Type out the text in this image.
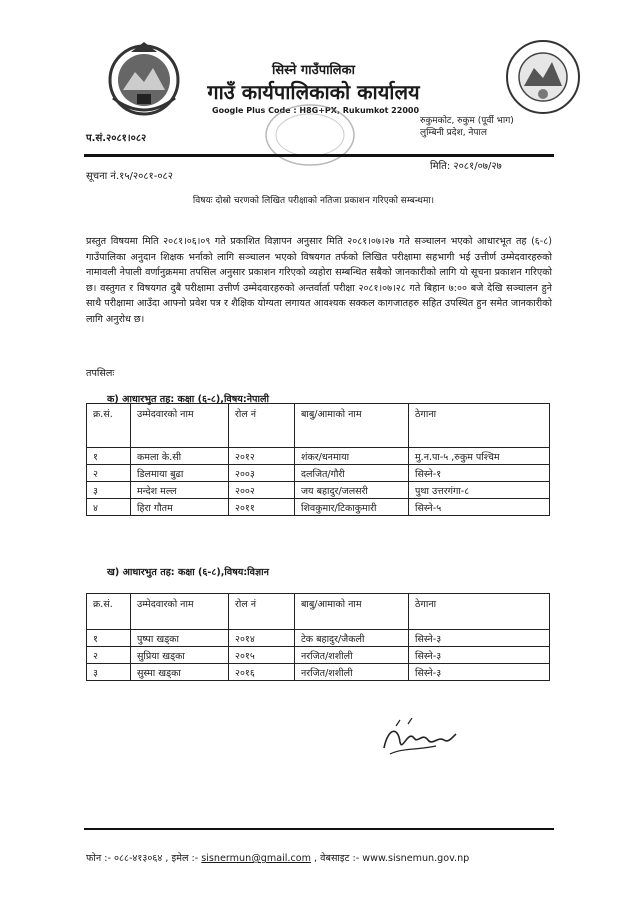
सिस्ने गाउँपालिका
गाउँ कार्यपालिकाको कार्यालय
Google Plus Code : H8G+PX, Rukumkot 22000
रुकुमकोट, रुकुम (पूर्वी भाग)
लुम्बिनी प्रदेश, नेपाल
प.सं.२०८१।०८२
सूचना नं.१५/२०८१-०८२
मिति: २०८१/०७/२७
विषयः दोस्रो चरणको लिखित परीक्षाको नतिजा प्रकाशन गरिएको सम्बन्धमा।
प्रस्तुत विषयमा मिति २०८१।०६।०९ गते प्रकाशित विज्ञापन अनुसार मिति २०८१।०७।२७ गते सञ्चालन भएको आधारभूत तह (६-८) गाउँपालिका अनुदान शिक्षक भर्नाको लागि सञ्चालन भएको विषयगत तर्फको लिखित परीक्षामा सहभागी भई उत्तीर्ण उम्मेदवारहरुको नामावली नेपाली वर्णानुक्रममा तपसिल अनुसार प्रकाशन गरिएको व्यहोरा सम्बन्धित सबैको जानकारीको लागि यो सूचना प्रकाशन गरिएको छ। वस्तुगत र विषयगत दुबै परीक्षामा उत्तीर्ण उम्मेदवारहरुको अन्तर्वार्ता परीक्षा २०८१।०७।२८ गते बिहान ७:०० बजे देखि सञ्चालन हुने साथै परीक्षामा आउँदा आफ्नो प्रवेश पत्र र शैक्षिक योग्यता लगायत आवश्यक सक्कल कागजातहरु सहित उपस्थित हुन समेत जानकारीको लागि अनुरोध छ।
तपसिलः
क) आधारभुत तह: कक्षा (६-८),विषय:नेपाली
क्र.सं.	उम्मेदवारको नाम	रोल नं	बाबु/आमाको नाम	ठेगाना
१	कमला के.सी	२०१२	शंकर/धनमाया	मु.न.पा-५ ,रुकुम पश्चिम
२	डिलमाया बुढा	२००३	दलजित/गौरी	सिस्ने-१
३	मन्देश मल्ल	२००२	जय बहादुर/जलसरी	पुथा उत्तरगंगा-८
४	हिरा गौतम	२०११	शिवकुमार/टिकाकुमारी	सिस्ने-५
ख) आधारभुत तह: कक्षा (६-८),विषय:विज्ञान
क्र.सं.	उम्मेदवारको नाम	रोल नं	बाबु/आमाको नाम	ठेगाना
१	पुष्पा खड्का	२०१४	टेक बहादुर/जैकली	सिस्ने-३
२	सुप्रिया खड्का	२०१५	नरजित/शशीली	सिस्ने-३
३	सुस्मा खड्का	२०१६	नरजित/शशीली	सिस्ने-३
फोन :- ०८८-४१३०६४ , इमेल :- sisnermun@gmail.com , वेबसाइट :- www.sisnemun.gov.np
